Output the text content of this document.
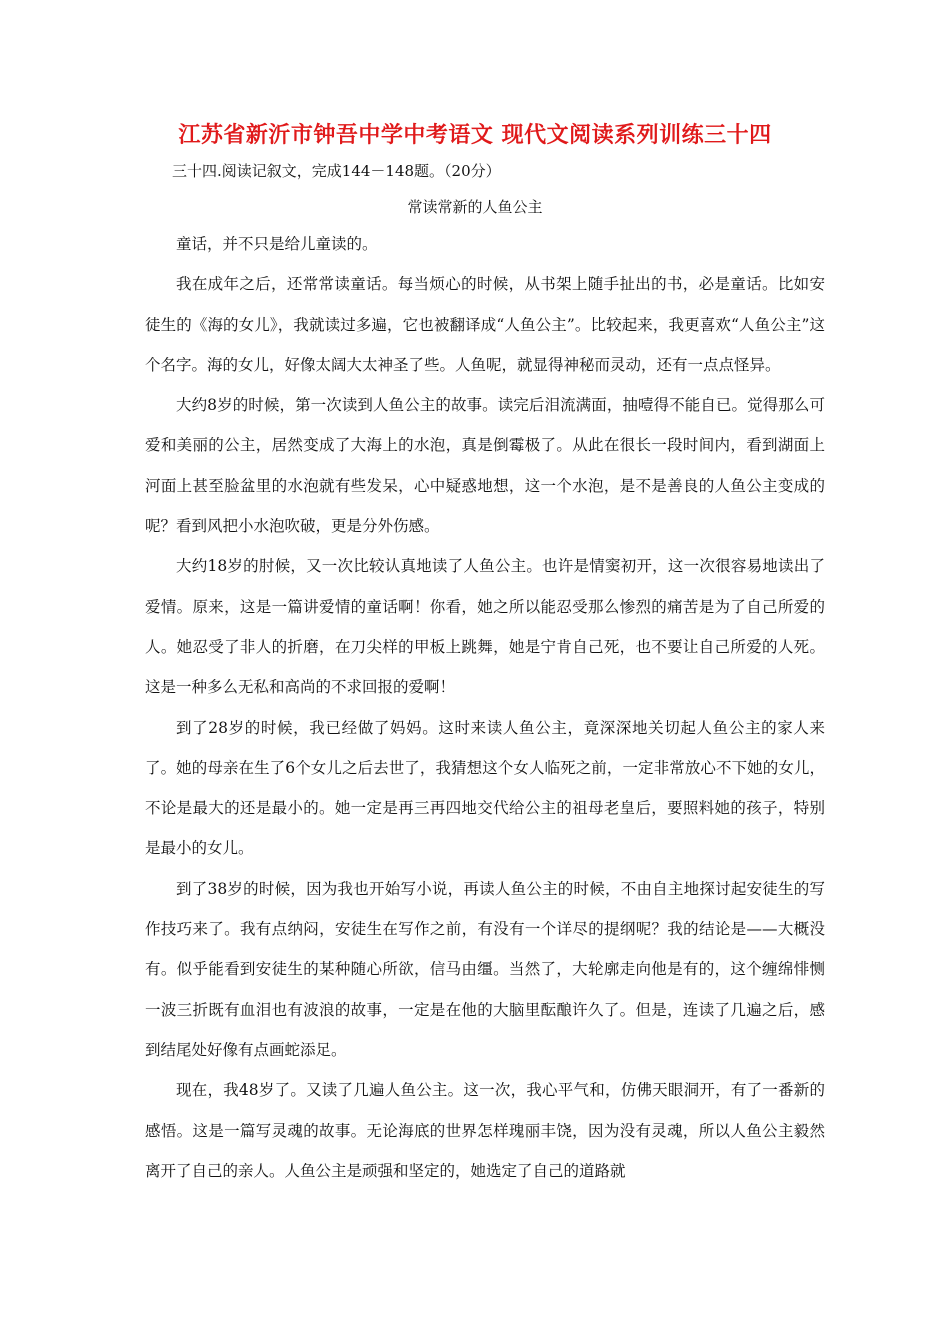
江苏省新沂市钟吾中学中考语文 现代文阅读系列训练三十四
三十四.阅读记叙文，完成144－148题。（20分）
常读常新的人鱼公主

童话，并不只是给儿童读的。

我在成年之后，还常常读童话。每当烦心的时候，从书架上随手扯出的书，必是童话。比如安徒生的《海的女儿》，我就读过多遍，它也被翻译成“人鱼公主”。比较起来，我更喜欢“人鱼公主”这个名字。海的女儿，好像太阔大太神圣了些。人鱼呢，就显得神秘而灵动，还有一点点怪异。

大约8岁的时候，第一次读到人鱼公主的故事。读完后泪流满面，抽噎得不能自已。觉得那么可爱和美丽的公主，居然变成了大海上的水泡，真是倒霉极了。从此在很长一段时间内，看到湖面上河面上甚至脸盆里的水泡就有些发呆，心中疑惑地想，这一个水泡，是不是善良的人鱼公主变成的呢？看到风把小水泡吹破，更是分外伤感。

大约18岁的肘候，又一次比较认真地读了人鱼公主。也许是情窦初开，这一次很容易地读出了爱情。原来，这是一篇讲爱情的童话啊！你看，她之所以能忍受那么惨烈的痛苦是为了自己所爱的人。她忍受了非人的折磨，在刀尖样的甲板上跳舞，她是宁肯自己死，也不要让自己所爱的人死。这是一种多么无私和高尚的不求回报的爱啊！

到了28岁的时候，我已经做了妈妈。这时来读人鱼公主，竟深深地关切起人鱼公主的家人来了。她的母亲在生了6个女儿之后去世了，我猜想这个女人临死之前，一定非常放心不下她的女儿，不论是最大的还是最小的。她一定是再三再四地交代给公主的祖母老皇后，要照料她的孩子，特别是最小的女儿。

到了38岁的时候，因为我也开始写小说，再读人鱼公主的时候，不由自主地探讨起安徒生的写作技巧来了。我有点纳闷，安徒生在写作之前，有没有一个详尽的提纲呢？我的结论是——大概没有。似乎能看到安徒生的某种随心所欲，信马由缰。当然了，大轮廓走向他是有的，这个缠绵悱恻一波三折既有血泪也有波浪的故事，一定是在他的大脑里酝酿许久了。但是，连读了几遍之后，感到结尾处好像有点画蛇添足。

现在，我48岁了。又读了几遍人鱼公主。这一次，我心平气和，仿佛天眼洞开，有了一番新的感悟。这是一篇写灵魂的故事。无论海底的世界怎样瑰丽丰饶，因为没有灵魂，所以人鱼公主毅然离开了自己的亲人。人鱼公主是顽强和坚定的，她选定了自己的道路就
